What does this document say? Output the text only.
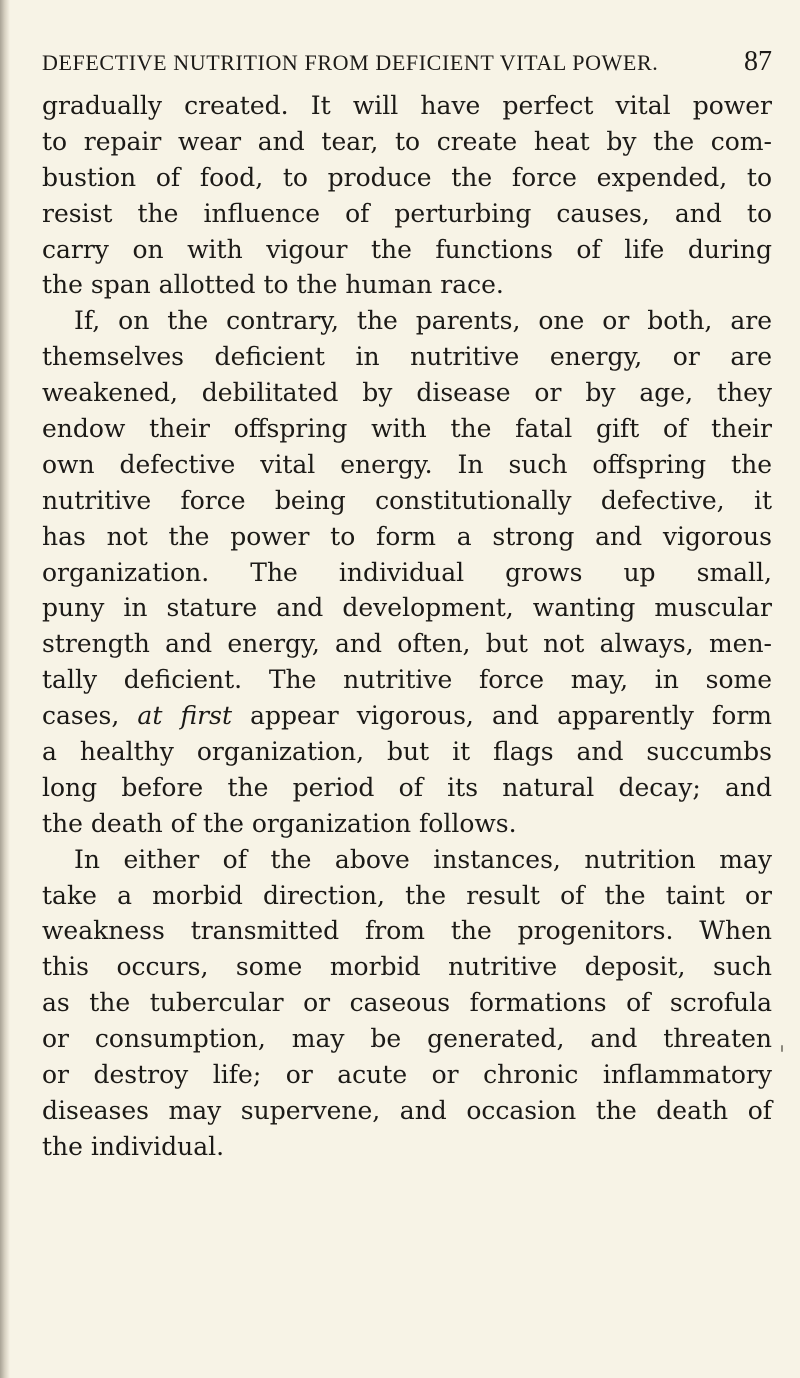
DEFECTIVE NUTRITION FROM DEFICIENT VITAL POWER.	87
gradually created. It will have perfect vital power
to repair wear and tear, to create heat by the com-
bustion of food, to produce the force expended, to
resist the influence of perturbing causes, and to
carry on with vigour the functions of life during
the span allotted to the human race.
If, on the contrary, the parents, one or both, are
themselves deficient in nutritive energy, or are
weakened, debilitated by disease or by age, they
endow their offspring with the fatal gift of their
own defective vital energy. In such offspring the
nutritive force being constitutionally defective, it
has not the power to form a strong and vigorous
organization. The individual grows up small,
puny in stature and development, wanting muscular
strength and energy, and often, but not always, men-
tally deficient. The nutritive force may, in some
cases, at first appear vigorous, and apparently form
a healthy organization, but it flags and succumbs
long before the period of its natural decay; and
the death of the organization follows.
In either of the above instances, nutrition may
take a morbid direction, the result of the taint or
weakness transmitted from the progenitors. When
this occurs, some morbid nutritive deposit, such
as the tubercular or caseous formations of scrofula
or consumption, may be generated, and threaten
or destroy life; or acute or chronic inflammatory
diseases may supervene, and occasion the death of
the individual.
